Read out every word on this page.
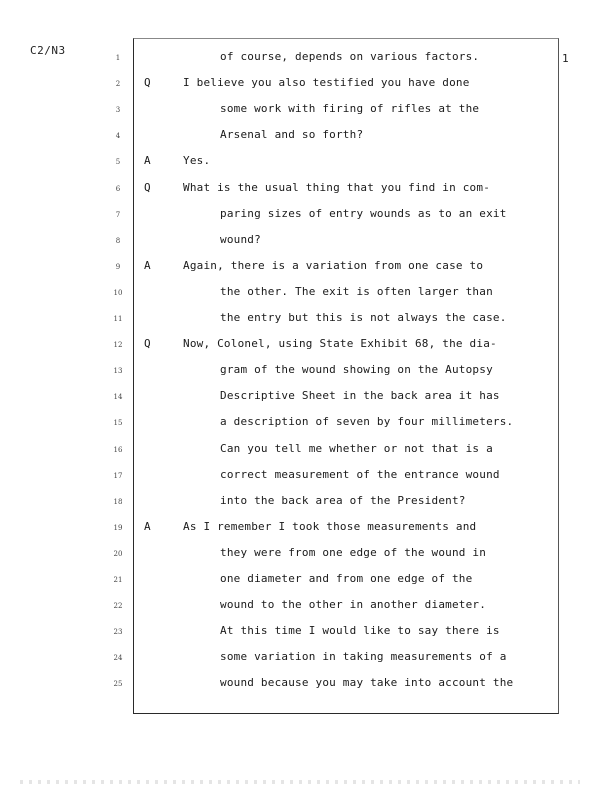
C2/N3
1
1	of course, depends on various factors.
2	Q	I believe you also testified you have done
3	some work with firing of rifles at the
4	Arsenal and so forth?
5	A	Yes.
6	Q	What is the usual thing that you find in com-
7	paring sizes of entry wounds as to an exit
8	wound?
9	A	Again, there is a variation from one case to
10	the other. The exit is often larger than
11	the entry but this is not always the case.
12	Q	Now, Colonel, using State Exhibit 68, the dia-
13	gram of the wound showing on the Autopsy
14	Descriptive Sheet in the back area it has
15	a description of seven by four millimeters.
16	Can you tell me whether or not that is a
17	correct measurement of the entrance wound
18	into the back area of the President?
19	A	As I remember I took those measurements and
20	they were from one edge of the wound in
21	one diameter and from one edge of the
22	wound to the other in another diameter.
23	At this time I would like to say there is
24	some variation in taking measurements of a
25	wound because you may take into account the
